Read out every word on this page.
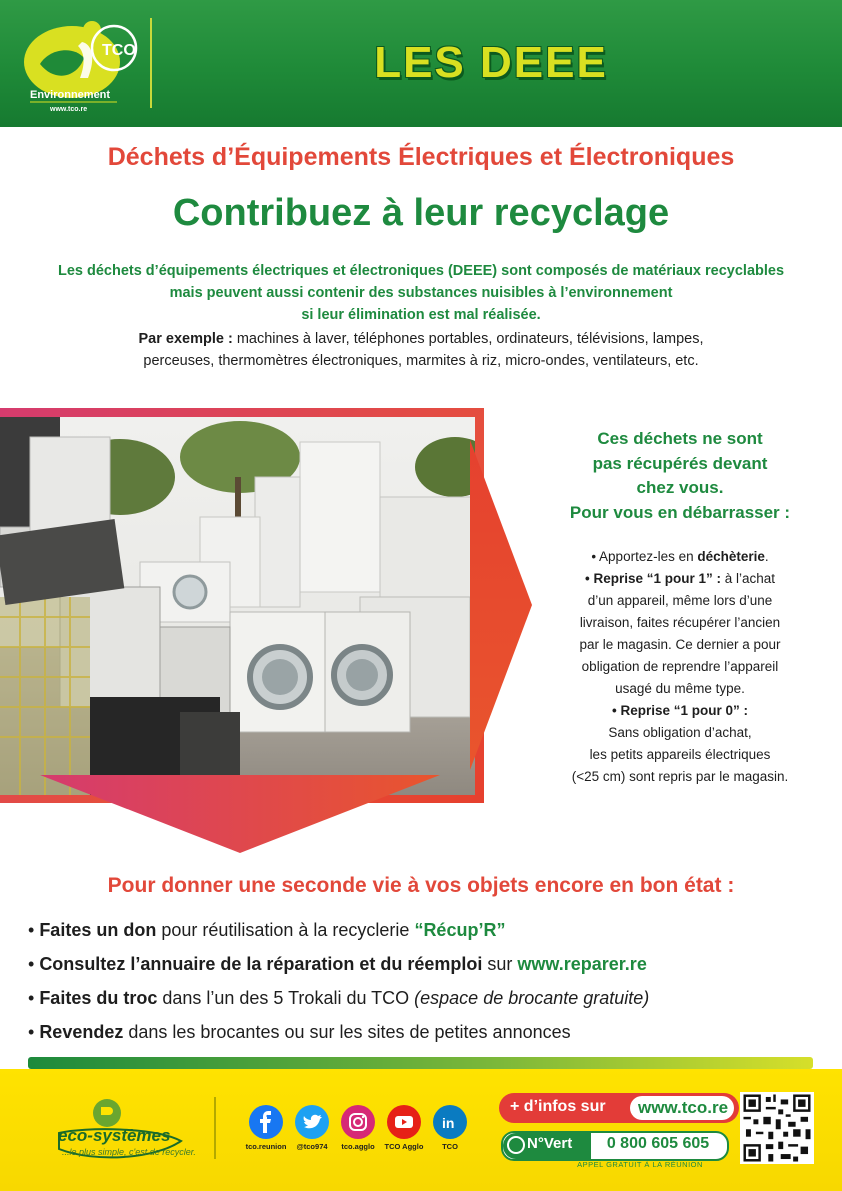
TCO
Environnement
www.tco.re
LES DEEE
Déchets d’Équipements Électriques et Électroniques
Contribuez à leur recyclage
Les déchets d’équipements électriques et électroniques (DEEE) sont composés de matériaux recyclables
mais peuvent aussi contenir des substances nuisibles à l’environnement
si leur élimination est mal réalisée.
Par exemple : machines à laver, téléphones portables, ordinateurs, télévisions, lampes,
perceuses, thermomètres électroniques, marmites à riz, micro-ondes, ventilateurs, etc.
Ces déchets ne sont
pas récupérés devant
chez vous.
Pour vous en débarrasser :

• Apportez-les en déchèterie.

• Reprise “1 pour 1” : à l’achat

d’un appareil, même lors d’une

livraison, faites récupérer l’ancien

par le magasin. Ce dernier a pour

obligation de reprendre l’appareil

usagé du même type.

• Reprise “1 pour 0” :

Sans obligation d’achat,

les petits appareils électriques

(<25 cm) sont repris par le magasin.

Pour donner une seconde vie à vos objets encore en bon état :
• Faites un don pour réutilisation à la recyclerie “Récup’R”
• Consultez l’annuaire de la réparation et du réemploi sur www.reparer.re
• Faites du troc dans l’un des 5 Trokali du TCO (espace de brocante gratuite)
• Revendez dans les brocantes ou sur les sites de petites annonces
eco-systèmes
...le plus simple, c'est de recycler.
tco.reunion	@tco974	tco.agglo	TCO Agglo
in
TCO
+ d’infos sur www.tco.re
N°Vert	0 800 605 605
APPEL GRATUIT À LA RÉUNION
